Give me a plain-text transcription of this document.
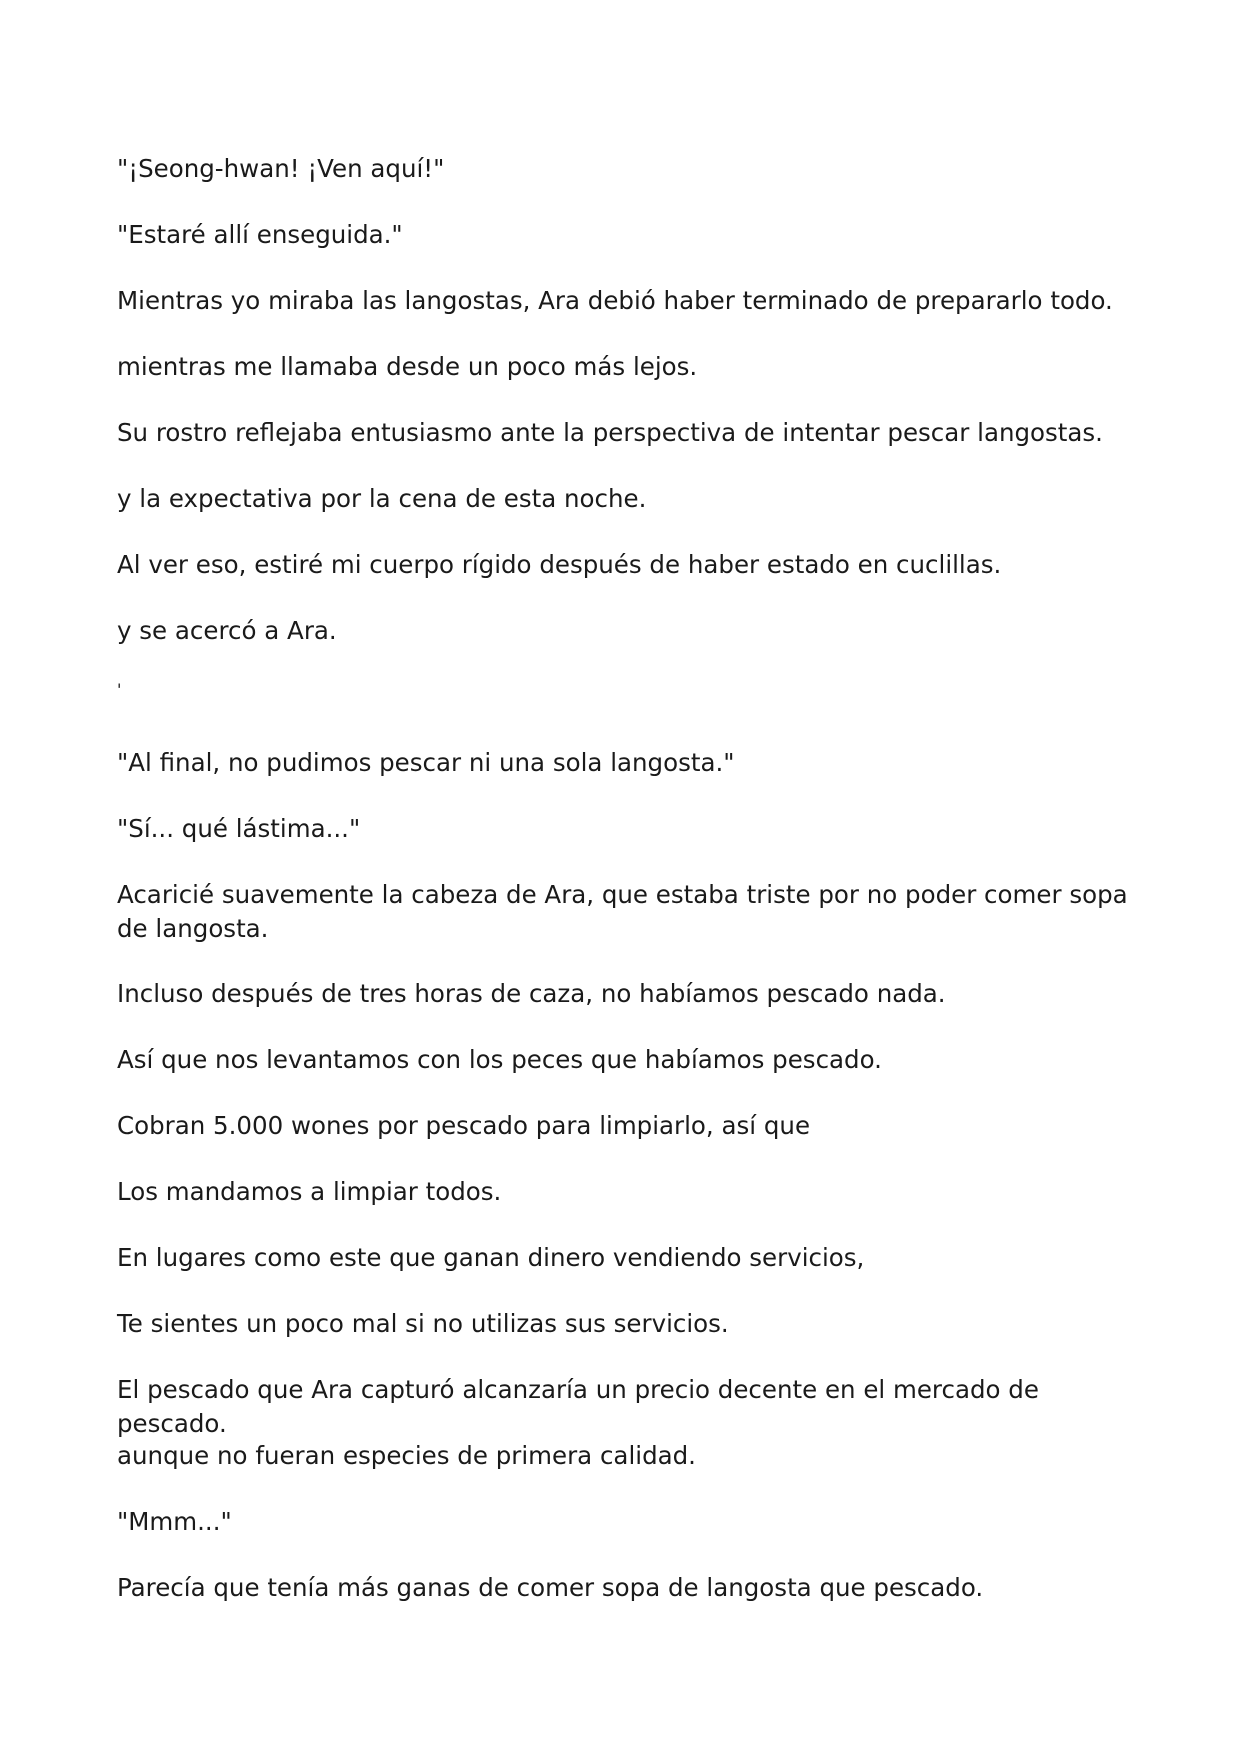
"¡Seong-hwan! ¡Ven aquí!"

"Estaré allí enseguida."

Mientras yo miraba las langostas, Ara debió haber terminado de prepararlo todo.

mientras me llamaba desde un poco más lejos.

Su rostro reflejaba entusiasmo ante la perspectiva de intentar pescar langostas.

y la expectativa por la cena de esta noche.

Al ver eso, estiré mi cuerpo rígido después de haber estado en cuclillas.

y se acercó a Ara.

'

"Al final, no pudimos pescar ni una sola langosta."

"Sí... qué lástima..."

Acaricié suavemente la cabeza de Ara, que estaba triste por no poder comer sopa de langosta.

Incluso después de tres horas de caza, no habíamos pescado nada.

Así que nos levantamos con los peces que habíamos pescado.

Cobran 5.000 wones por pescado para limpiarlo, así que

Los mandamos a limpiar todos.

En lugares como este que ganan dinero vendiendo servicios,

Te sientes un poco mal si no utilizas sus servicios.

El pescado que Ara capturó alcanzaría un precio decente en el mercado de pescado.

aunque no fueran especies de primera calidad.

"Mmm..."

Parecía que tenía más ganas de comer sopa de langosta que pescado.
